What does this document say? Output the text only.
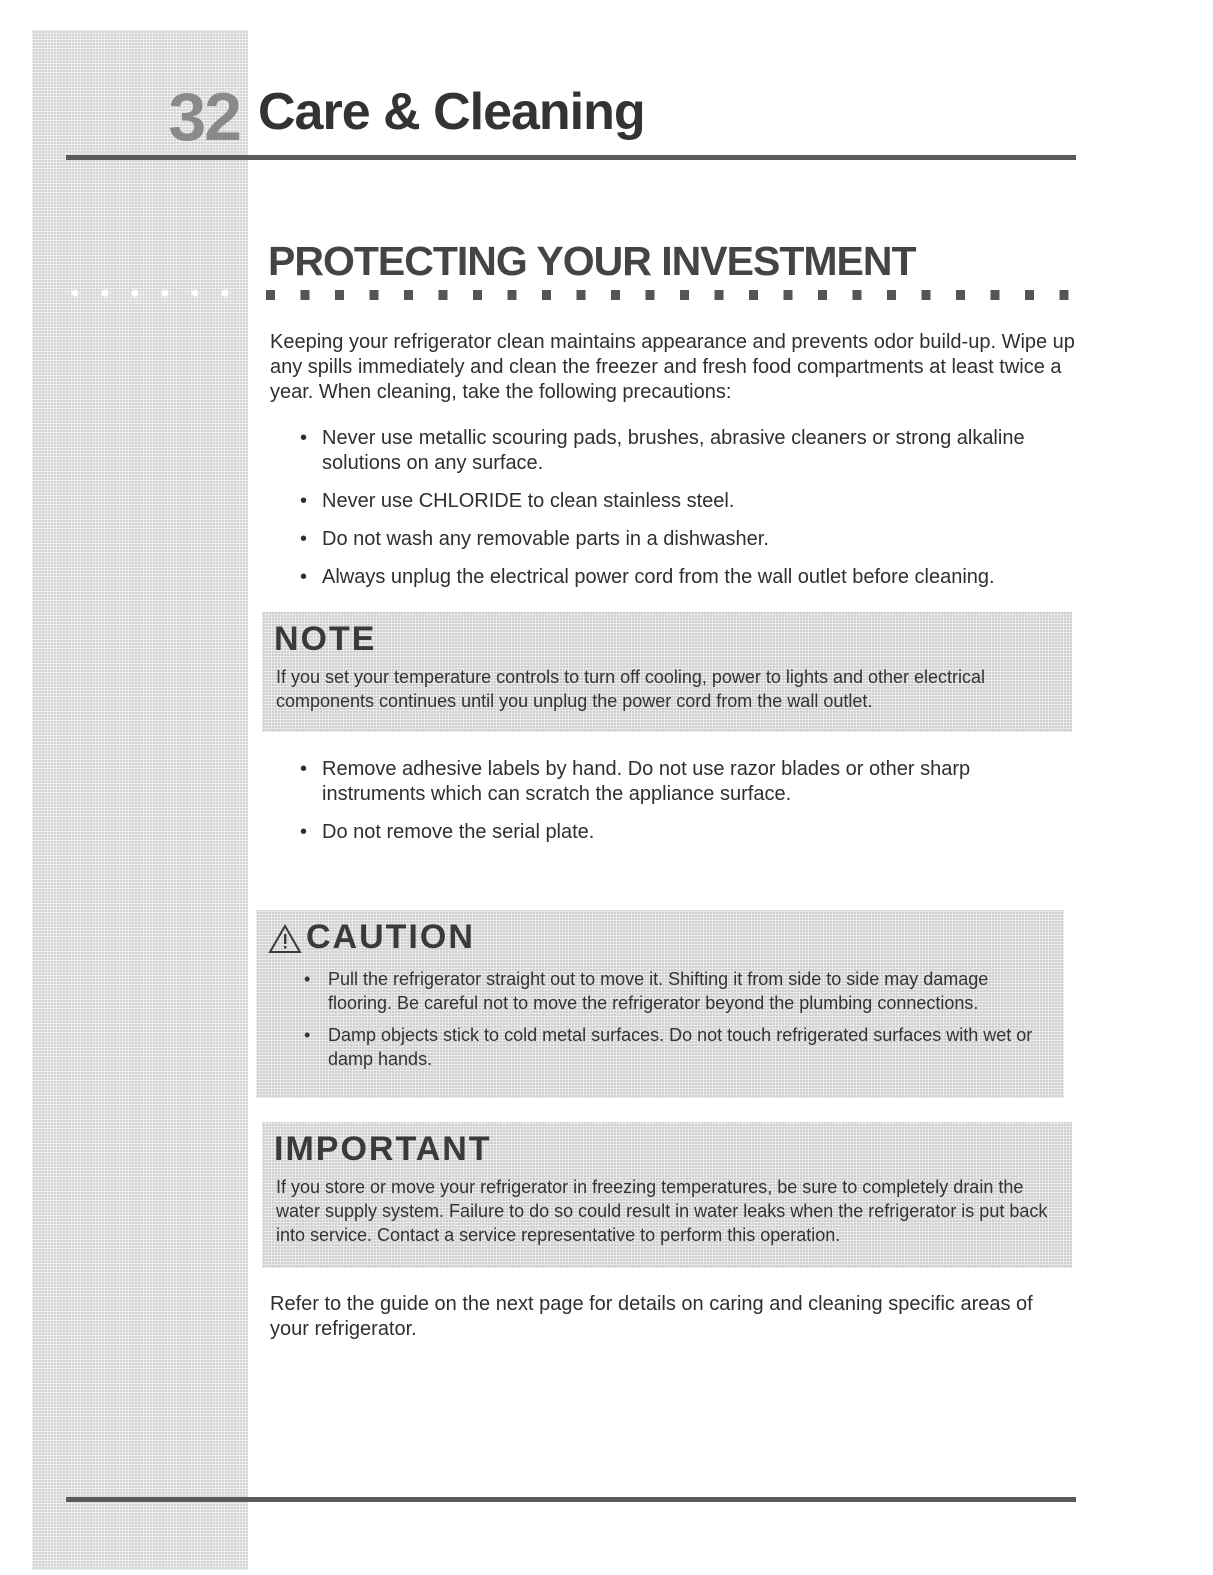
32 Care & Cleaning
PROTECTING YOUR INVESTMENT
Keeping your refrigerator clean maintains appearance and prevents odor build-up. Wipe up any spills immediately and clean the freezer and fresh food compartments at least twice a year. When cleaning, take the following precautions:
• Never use metallic scouring pads, brushes, abrasive cleaners or strong alkaline solutions on any surface.
• Never use CHLORIDE to clean stainless steel.
• Do not wash any removable parts in a dishwasher.
• Always unplug the electrical power cord from the wall outlet before cleaning.
NOTE
If you set your temperature controls to turn off cooling, power to lights and other electrical components continues until you unplug the power cord from the wall outlet.
• Remove adhesive labels by hand. Do not use razor blades or other sharp instruments which can scratch the appliance surface.
• Do not remove the serial plate.
CAUTION
• Pull the refrigerator straight out to move it. Shifting it from side to side may damage flooring. Be careful not to move the refrigerator beyond the plumbing connections.
• Damp objects stick to cold metal surfaces. Do not touch refrigerated surfaces with wet or damp hands.
IMPORTANT
If you store or move your refrigerator in freezing temperatures, be sure to completely drain the water supply system. Failure to do so could result in water leaks when the refrigerator is put back into service. Contact a service representative to perform this operation.
Refer to the guide on the next page for details on caring and cleaning specific areas of your refrigerator.
